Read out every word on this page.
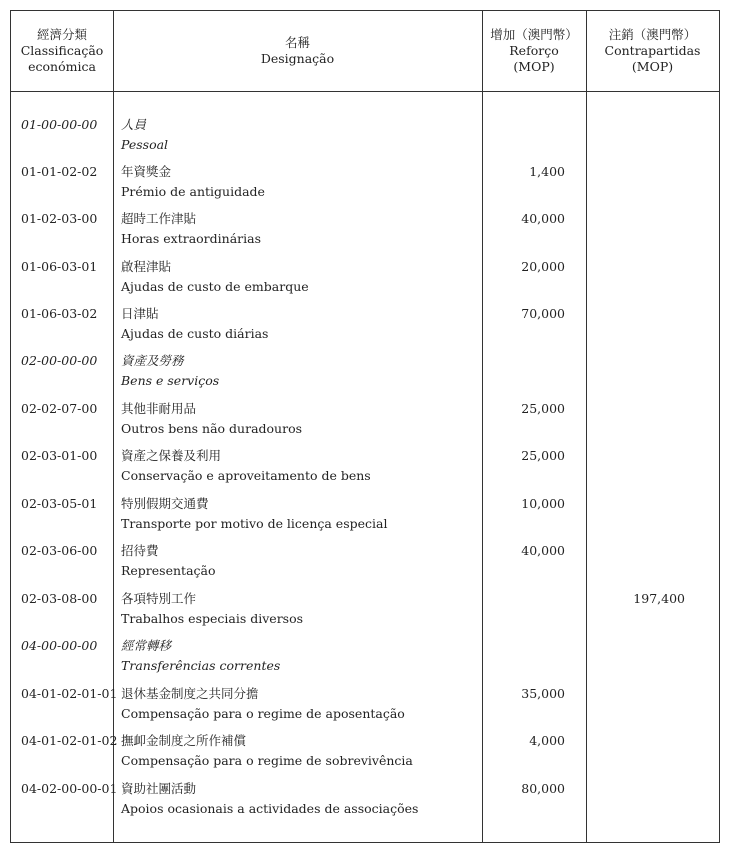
經濟分類
Classificação
económica
名稱
Designação
增加（澳門幣）
Reforço
(MOP)
注銷（澳門幣）
Contrapartidas
(MOP)
01-00-00-00 人員
Pessoal
01-01-02-02 年資獎金
Prémio de antiguidade
1,400
01-02-03-00 超時工作津貼
Horas extraordinárias
40,000
01-06-03-01 啟程津貼
Ajudas de custo de embarque
20,000
01-06-03-02 日津貼
Ajudas de custo diárias
70,000
02-00-00-00 資產及勞務
Bens e serviços
02-02-07-00 其他非耐用品
Outros bens não duradouros
25,000
02-03-01-00 資產之保養及利用
Conservação e aproveitamento de bens
25,000
02-03-05-01 特別假期交通費
Transporte por motivo de licença especial
10,000
02-03-06-00 招待費
Representação
40,000
02-03-08-00 各項特別工作
Trabalhos especiais diversos
197,400
04-00-00-00 經常轉移
Transferências correntes
04-01-02-01-01 退休基金制度之共同分擔
Compensação para o regime de aposentação
35,000
04-01-02-01-02 撫卹金制度之所作補償
Compensação para o regime de sobrevivência
4,000
04-02-00-00-01 資助社團活動
Apoios ocasionais a actividades de associações
80,000
